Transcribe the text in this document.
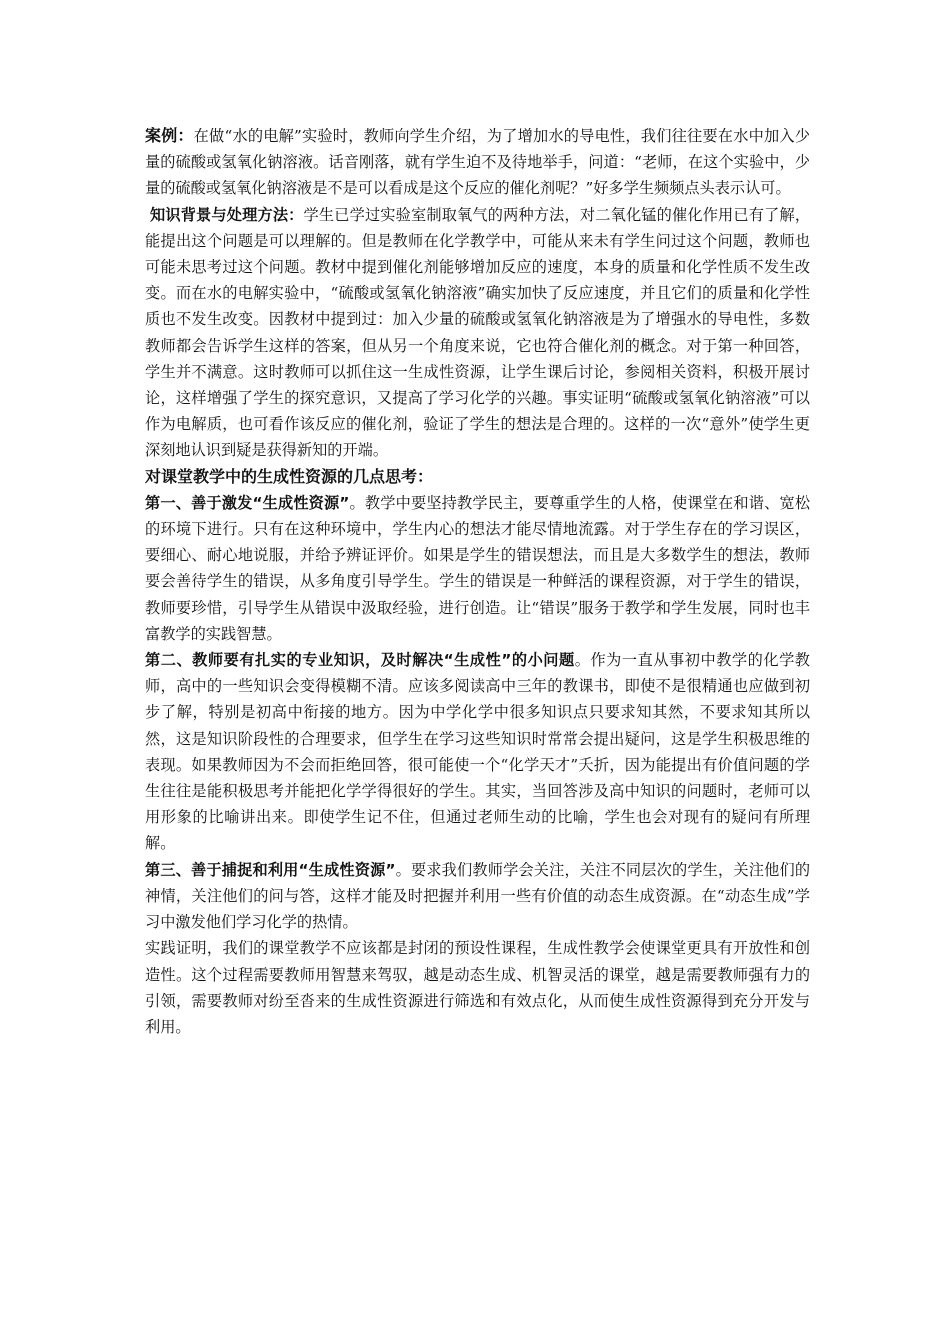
案例：在做“水的电解”实验时，教师向学生介绍，为了增加水的导电性，我们往往要在水中加入少量的硫酸或氢氧化钠溶液。话音刚落，就有学生迫不及待地举手，问道：“老师，在这个实验中，少量的硫酸或氢氧化钠溶液是不是可以看成是这个反应的催化剂呢？”好多学生频频点头表示认可。

知识背景与处理方法：学生已学过实验室制取氧气的两种方法，对二氧化锰的催化作用已有了解，能提出这个问题是可以理解的。但是教师在化学教学中，可能从来未有学生问过这个问题，教师也可能未思考过这个问题。教材中提到催化剂能够增加反应的速度，本身的质量和化学性质不发生改变。而在水的电解实验中，“硫酸或氢氧化钠溶液”确实加快了反应速度，并且它们的质量和化学性质也不发生改变。因教材中提到过：加入少量的硫酸或氢氧化钠溶液是为了增强水的导电性，多数教师都会告诉学生这样的答案，但从另一个角度来说，它也符合催化剂的概念。对于第一种回答，学生并不满意。这时教师可以抓住这一生成性资源，让学生课后讨论，参阅相关资料，积极开展讨论，这样增强了学生的探究意识，又提高了学习化学的兴趣。事实证明“硫酸或氢氧化钠溶液”可以作为电解质，也可看作该反应的催化剂，验证了学生的想法是合理的。这样的一次“意外”使学生更深刻地认识到疑是获得新知的开端。

对课堂教学中的生成性资源的几点思考：

第一、善于激发“生成性资源”。教学中要坚持教学民主，要尊重学生的人格，使课堂在和谐、宽松的环境下进行。只有在这种环境中，学生内心的想法才能尽情地流露。对于学生存在的学习误区，要细心、耐心地说服，并给予辨证评价。如果是学生的错误想法，而且是大多数学生的想法，教师要会善待学生的错误，从多角度引导学生。学生的错误是一种鲜活的课程资源，对于学生的错误，教师要珍惜，引导学生从错误中汲取经验，进行创造。让“错误”服务于教学和学生发展，同时也丰富教学的实践智慧。

第二、教师要有扎实的专业知识，及时解决“生成性”的小问题。作为一直从事初中教学的化学教师，高中的一些知识会变得模糊不清。应该多阅读高中三年的教课书，即使不是很精通也应做到初步了解，特别是初高中衔接的地方。因为中学化学中很多知识点只要求知其然，不要求知其所以然，这是知识阶段性的合理要求，但学生在学习这些知识时常常会提出疑问，这是学生积极思维的表现。如果教师因为不会而拒绝回答，很可能使一个“化学天才”夭折，因为能提出有价值问题的学生往往是能积极思考并能把化学学得很好的学生。其实，当回答涉及高中知识的问题时，老师可以用形象的比喻讲出来。即使学生记不住，但通过老师生动的比喻，学生也会对现有的疑问有所理解。

第三、善于捕捉和利用“生成性资源”。要求我们教师学会关注，关注不同层次的学生，关注他们的神情，关注他们的问与答，这样才能及时把握并利用一些有价值的动态生成资源。在“动态生成”学习中激发他们学习化学的热情。

实践证明，我们的课堂教学不应该都是封闭的预设性课程，生成性教学会使课堂更具有开放性和创造性。这个过程需要教师用智慧来驾驭，越是动态生成、机智灵活的课堂，越是需要教师强有力的引领，需要教师对纷至沓来的生成性资源进行筛选和有效点化，从而使生成性资源得到充分开发与利用。
